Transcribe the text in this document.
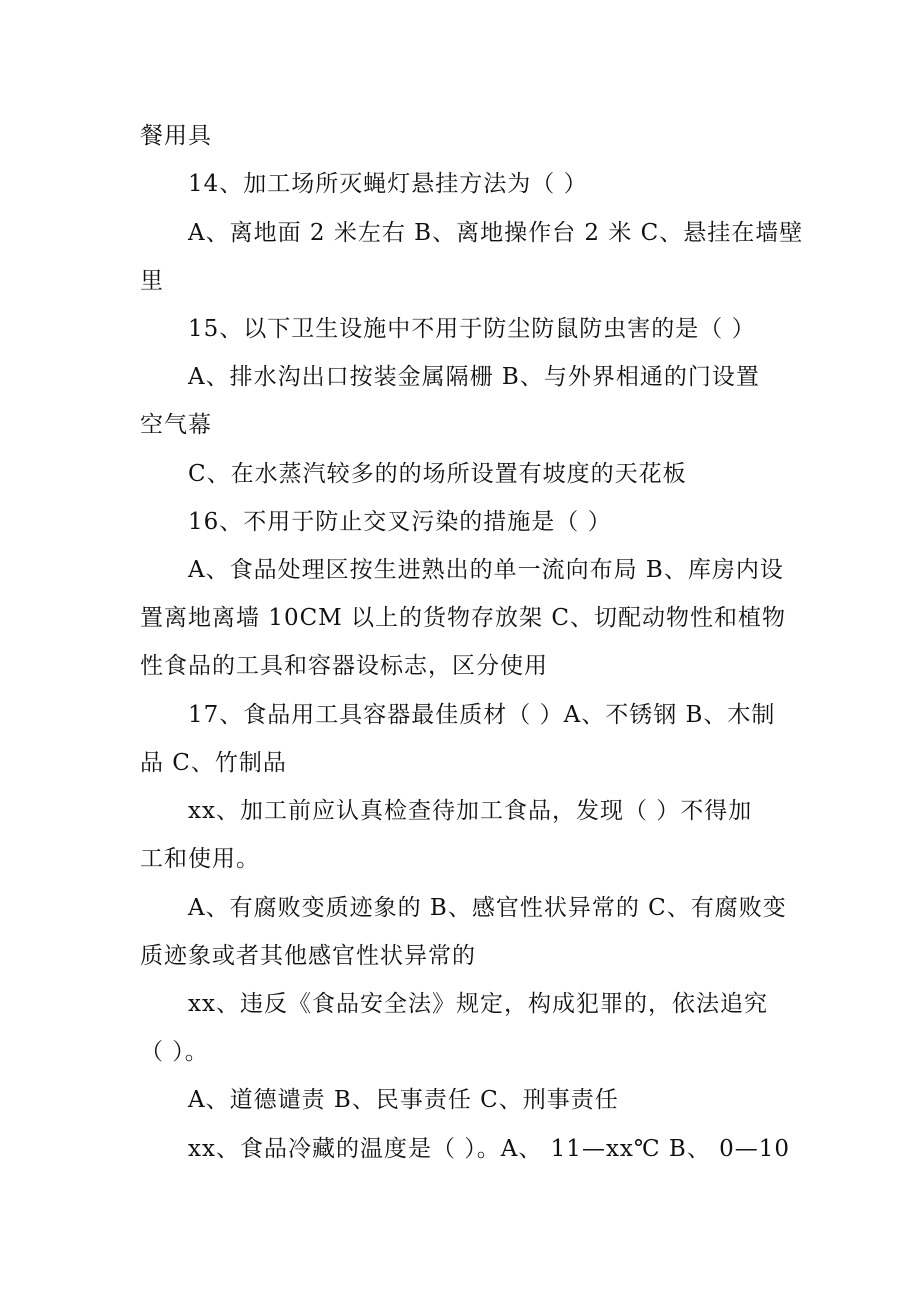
餐用具
14、加工场所灭蝇灯悬挂方法为（ ）
A、离地面 2 米左右 B、离地操作台 2 米 C、悬挂在墙壁
里
15、以下卫生设施中不用于防尘防鼠防虫害的是（ ）
A、排水沟出口按装金属隔栅 B、与外界相通的门设置
空气幕
C、在水蒸汽较多的的场所设置有坡度的天花板
16、不用于防止交叉污染的措施是（ ）
A、食品处理区按生进熟出的单一流向布局 B、库房内设
置离地离墙 10CM 以上的货物存放架 C、切配动物性和植物
性食品的工具和容器设标志，区分使用
17、食品用工具容器最佳质材（ ）A、不锈钢 B、木制
品 C、竹制品
xx、加工前应认真检查待加工食品，发现（ ）不得加
工和使用。
A、有腐败变质迹象的 B、感官性状异常的 C、有腐败变
质迹象或者其他感官性状异常的
xx、违反《食品安全法》规定，构成犯罪的，依法追究
（ ）。
A、道德谴责 B、民事责任 C、刑事责任
xx、食品冷藏的温度是（ ）。A、 11—xx℃ B、 0—10
